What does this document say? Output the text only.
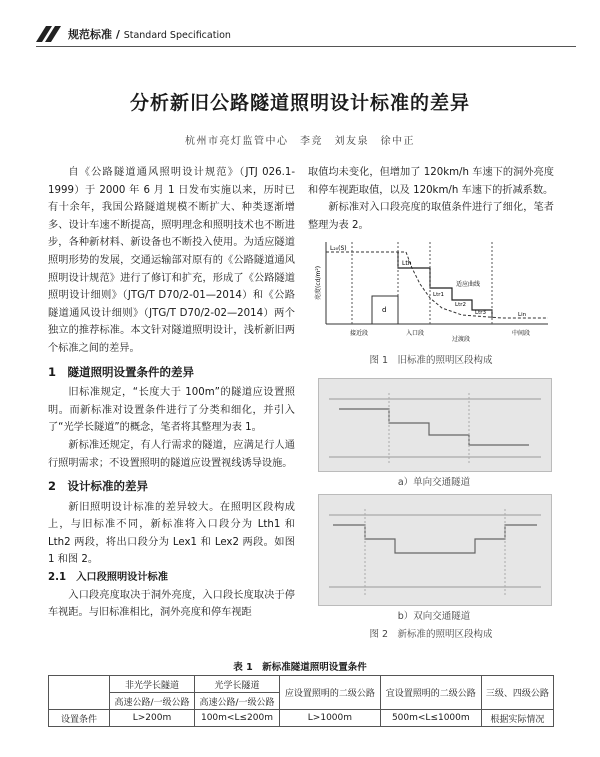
规范标准 / Standard Specification
分析新旧公路隧道照明设计标准的差异
杭州市亮灯监管中心　李竞　刘友泉　徐中正

自《公路隧道通风照明设计规范》（JTJ 026.1-1999）于 2000 年 6 月 1 日发布实施以来，历时已有十余年，我国公路隧道规模不断扩大、种类逐渐增多、设计车速不断提高，照明理念和照明技术也不断进步，各种新材料、新设备也不断投入使用。为适应隧道照明形势的发展，交通运输部对原有的《公路隧道通风照明设计规范》进行了修订和扩充，形成了《公路隧道照明设计细则》（JTG/T D70/2-01—2014）和《公路隧道通风设计细则》（JTG/T D70/2-02—2014）两个独立的推荐标准。本文针对隧道照明设计，浅析新旧两个标准之间的差异。

1　隧道照明设置条件的差异

旧标准规定，“长度大于 100m”的隧道应设置照明。而新标准对设置条件进行了分类和细化，并引入了“光学长隧道”的概念，笔者将其整理为表 1。

新标准还规定，有人行需求的隧道，应满足行人通行照明需求；不设置照明的隧道应设置视线诱导设施。

2　设计标准的差异

新旧照明设计标准的差异较大。在照明区段构成上，与旧标准不同，新标准将入口段分为 Lth1 和 Lth2 两段，将出口段分为 Lex1 和 Lex2 两段。如图 1 和图 2。

2.1　入口段照明设计标准

入口段亮度取决于洞外亮度，入口段长度取决于停车视距。与旧标准相比，洞外亮度和停车视距

取值均未变化，但增加了 120km/h 车速下的洞外亮度和停车视距取值，以及 120km/h 车速下的折减系数。

新标准对入口段亮度的取值条件进行了细化，笔者整理为表 2。

亮度(cd/m²)
d
L₂₀(S)
Lth
适应曲线
Ltr1
Ltr2
Ltr3	Lin
接近段	入口段
过渡段
中间段
图 1　旧标准的照明区段构成
a）单向交通隧道
b）双向交通隧道
图 2　新标准的照明区段构成
表 1　新标准隧道照明设置条件
	非光学长隧道	光学长隧道	应设置照明的二级公路	宜设置照明的二级公路	三级、四级公路
	高速公路/一级公路	高速公路/一级公路			
设置条件	L>200m	100m<L≤200m	L>1000m	500m<L≤1000m	根据实际情况
